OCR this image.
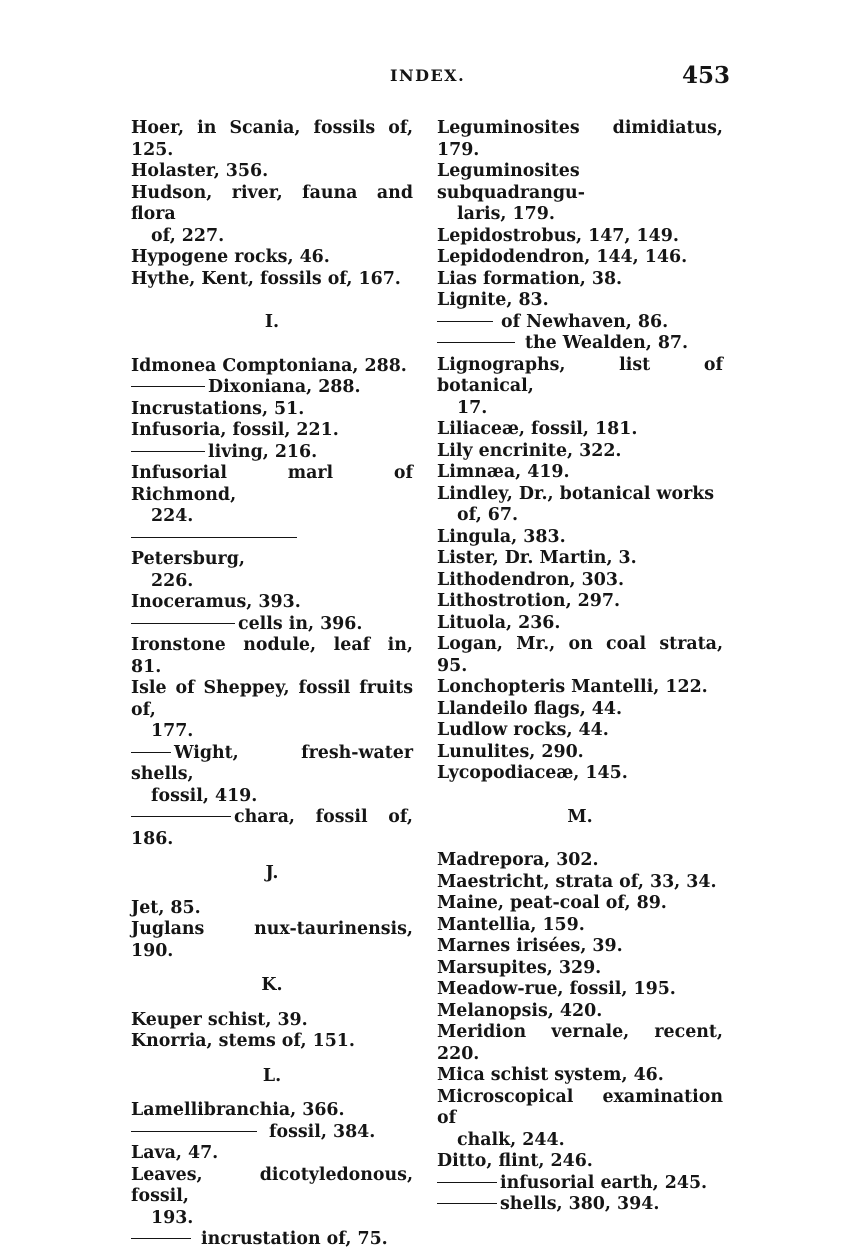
INDEX.	453

Hoer, in Scania, fossils of, 125.

Holaster, 356.

Hudson, river, fauna and flora

of, 227.

Hypogene rocks, 46.

Hythe, Kent, fossils of, 167.

I.

Idmonea Comptoniana, 288.

Dixoniana, 288.

Incrustations, 51.

Infusoria, fossil, 221.

living, 216.

Infusorial marl of Richmond,

224.

Petersburg,

226.

Inoceramus, 393.

cells in, 396.

Ironstone nodule, leaf in, 81.

Isle of Sheppey, fossil fruits of,

177.

Wight, fresh-water shells,

fossil, 419.

chara, fossil of, 186.

J.

Jet, 85.

Juglans nux-taurinensis, 190.

K.

Keuper schist, 39.

Knorria, stems of, 151.

L.

Lamellibranchia, 366.

fossil, 384.

Lava, 47.

Leaves, dicotyledonous, fossil,

193.

incrustation of, 75.

Leguminosites dimidiatus, 179.

Leguminosites subquadrangu-

laris, 179.

Lepidostrobus, 147, 149.

Lepidodendron, 144, 146.

Lias formation, 38.

Lignite, 83.

of Newhaven, 86.

the Wealden, 87.

Lignographs, list of botanical,

17.

Liliaceæ, fossil, 181.

Lily encrinite, 322.

Limnæa, 419.

Lindley, Dr., botanical works

of, 67.

Lingula, 383.

Lister, Dr. Martin, 3.

Lithodendron, 303.

Lithostrotion, 297.

Lituola, 236.

Logan, Mr., on coal strata, 95.

Lonchopteris Mantelli, 122.

Llandeilo flags, 44.

Ludlow rocks, 44.

Lunulites, 290.

Lycopodiaceæ, 145.

M.

Madrepora, 302.

Maestricht, strata of, 33, 34.

Maine, peat-coal of, 89.

Mantellia, 159.

Marnes irisées, 39.

Marsupites, 329.

Meadow-rue, fossil, 195.

Melanopsis, 420.

Meridion vernale, recent, 220.

Mica schist system, 46.

Microscopical examination of

chalk, 244.

Ditto, flint, 246.

infusorial earth, 245.

shells, 380, 394.
